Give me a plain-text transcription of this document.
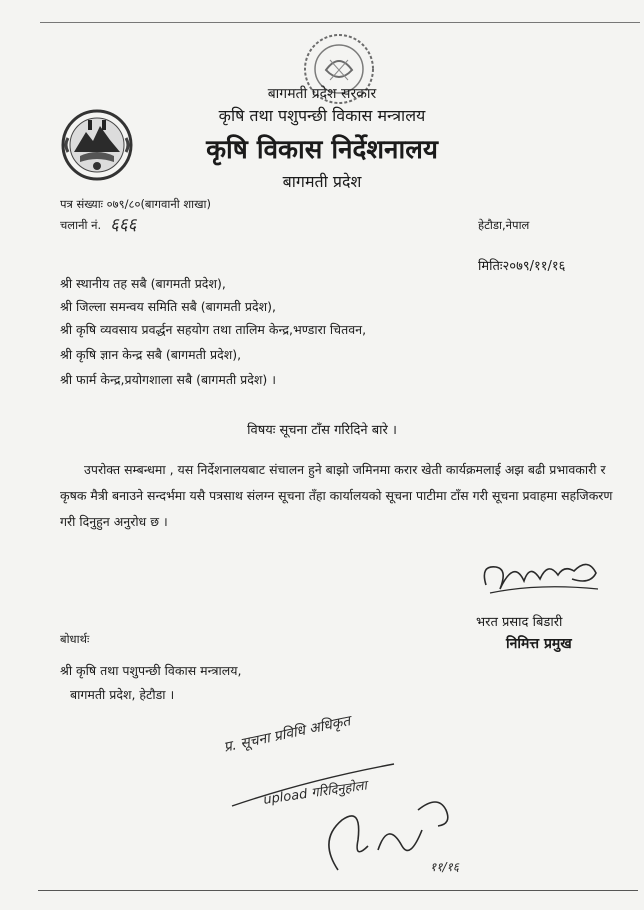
बागमती प्रदेश सरकार
कृषि तथा पशुपन्छी विकास मन्त्रालय
कृषि विकास निर्देशनालय
बागमती प्रदेश
पत्र संख्याः ०७९/८०(बागवानी शाखा)
चलानी नं. ६६६	हेटौडा,नेपाल
मितिः२०७९/११/१६
श्री स्थानीय तह सबै (बागमती प्रदेश),
श्री जिल्ला समन्वय समिति सबै (बागमती प्रदेश),
श्री कृषि व्यवसाय प्रवर्द्धन सहयोग तथा तालिम केन्द्र,भण्डारा चितवन,
श्री कृषि ज्ञान केन्द्र सबै (बागमती प्रदेश),
श्री फार्म केन्द्र,प्रयोगशाला सबै (बागमती प्रदेश) ।
विषयः सूचना टाँस गरिदिने बारे ।
उपरोक्त सम्बन्धमा , यस निर्देशनालयबाट संचालन हुने बाझो जमिनमा करार खेती कार्यक्रमलाई अझ बढी प्रभावकारी र कृषक मैत्री बनाउने सन्दर्भमा यसै पत्रसाथ संलग्न सूचना तँहा कार्यालयको सूचना पाटीमा टाँस गरी सूचना प्रवाहमा सहजिकरण गरी दिनुहुन अनुरोध छ ।
भरत प्रसाद बिडारी
निमित्त प्रमुख
बोधार्थः
श्री कृषि तथा पशुपन्छी विकास मन्त्रालय,
बागमती प्रदेश, हेटौडा ।
प्र. सूचना प्रविधि अधिकृत
upload गरिदिनुहोला
११/१६
